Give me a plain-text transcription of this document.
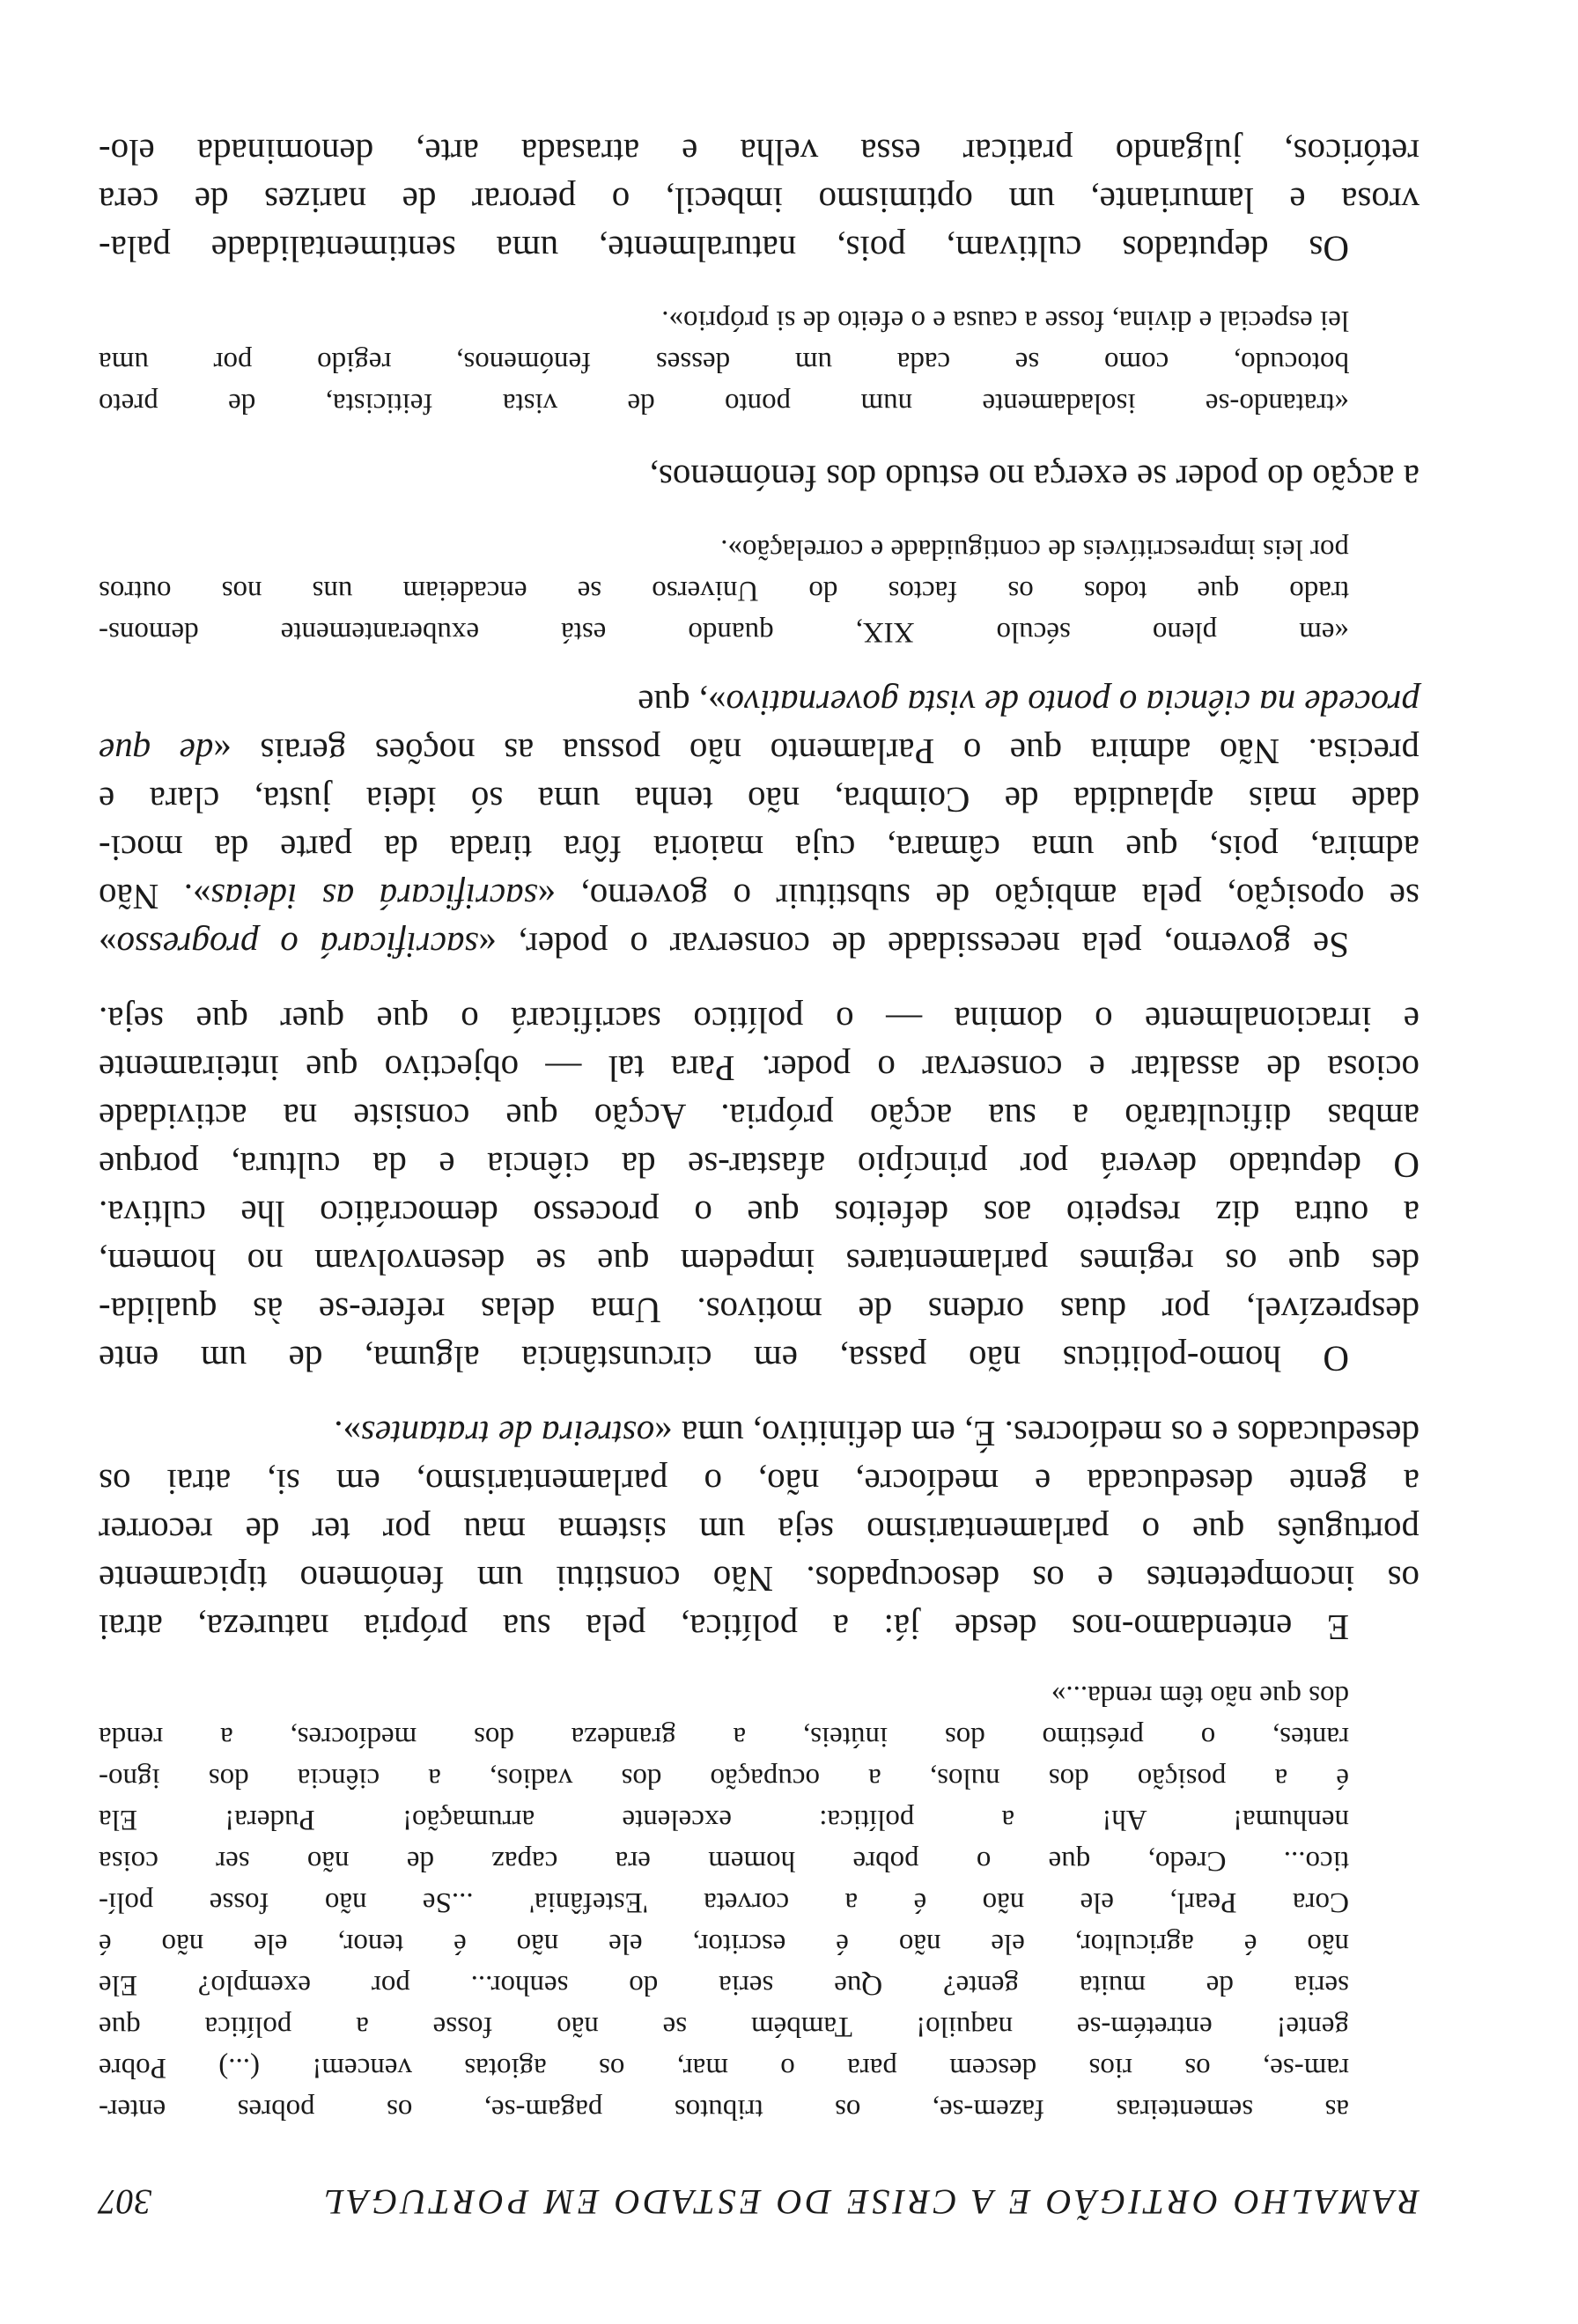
RAMALHO ORTIGÃO E A CRISE DO ESTADO EM PORTUGAL
307
as sementeiras fazem-se, os tributos pagam-se, os pobres enter-
ram-se, os rios descem para o mar, os agiotas vencem! (...) Pobre
gente! entretém-se naquilo! Também se não fosse a política que
seria de muita gente? Que seria do senhor... por exemplo? Ele
não é agricultor, ele não é escritor, ele não é tenor, ele não é
Cora Pearl, ele não é a corveta 'Estefânia' ...Se não fosse polí-
tico... Credo, que o pobre homem era capaz de não ser coisa
nenhuma! Ah! a política: excelente arrumação! Pudera! Ela
é a posição dos nulos, a ocupação dos vadios, a ciência dos igno-
rantes, o préstimo dos inúteis, a grandeza dos medíocres, a renda
dos que não têm renda...»
E entendamo-nos desde já: a política, pela sua própria natureza, atrai
os incompetentes e os desocupados. Não constitui um fenómeno tipicamente
português que o parlamentarismo seja um sistema mau por ter de recorrer
a gente deseducada e medíocre, não, o parlamentarismo, em si, atrai os
deseducados e os medíocres. É, em definitivo, uma «ostreira de tratantes».
O homo-politicus não passa, em circunstância alguma, de um ente
desprezível, por duas ordens de motivos. Uma delas refere-se às qualida-
des que os regimes parlamentares impedem que se desenvolvam no homem,
a outra diz respeito aos defeitos que o processo democrático lhe cultiva.
O deputado deverá por princípio afastar-se da ciência e da cultura, porque
ambas dificultarão a sua acção própria. Acção que consiste na actividade
ociosa de assaltar e conservar o poder. Para tal — objectivo que inteiramente
e irracionalmente o domina — o político sacrificará o que quer que seja.
Se governo, pela necessidade de conservar o poder, «sacrificará o progresso»
se oposição, pela ambição de substituir o governo, «sacrificará as ideias». Não
admira, pois, que uma câmara, cuja maioria fôra tirada da parte da moci-
dade mais aplaudida de Coimbra, não tenha uma só ideia justa, clara e
precisa. Não admira que o Parlamento não possua as noções gerais «de que
procede na ciência o ponto de vista governativo», que
«em pleno século XIX, quando está exuberantemente demons-
trado que todos os factos do Universo se encadeiam uns nos outros
por leis imprescritíveis de contiguidade e correlação».
a acção do poder se exerça no estudo dos fenómenos,
«tratando-se isoladamente num ponto de vista feiticista, de preto
botocudo, como se cada um desses fenómenos, regido por uma
lei especial e divina, fosse a causa e o efeito de si próprio».
Os deputados cultivam, pois, naturalmente, uma sentimentalidade pala-
vrosa e lamuriante, um optimismo imbecil, o perorar de narizes de cera
retóricos, julgando praticar essa velha e atrasada arte, denominada elo-
